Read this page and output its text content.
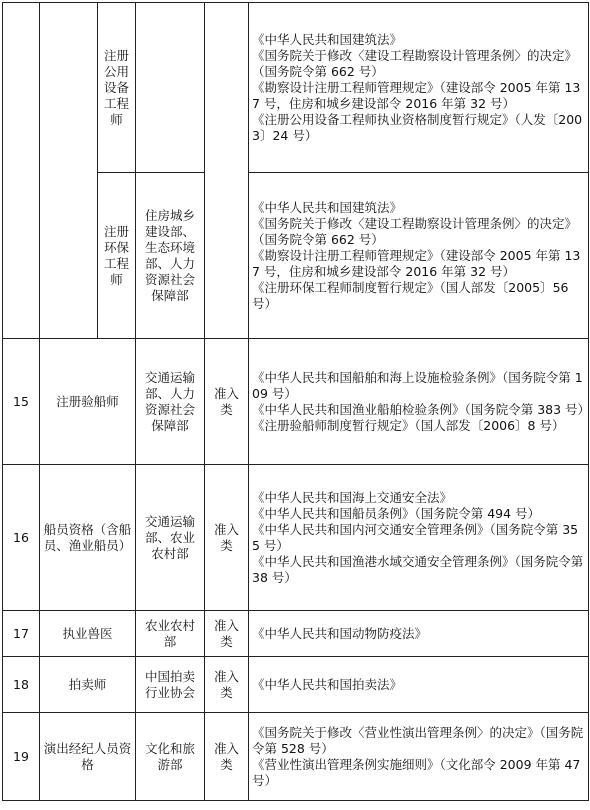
		注册公用设备工程师			《中华人民共和国建筑法》
《国务院关于修改〈建设工程勘察设计管理条例〉的决定》（国务院令第 662 号）
《勘察设计注册工程师管理规定》（建设部令 2005 年第 137 号，住房和城乡建设部令 2016 年第 32 号）
《注册公用设备工程师执业资格制度暂行规定》（人发〔2003〕24 号）

		注册环保工程师	住房城乡建设部、生态环境部、人力资源社会保障部		《中华人民共和国建筑法》
《国务院关于修改〈建设工程勘察设计管理条例〉的决定》（国务院令第 662 号）
《勘察设计注册工程师管理规定》（建设部令 2005 年第 137 号，住房和城乡建设部令 2016 年第 32 号）
《注册环保工程师制度暂行规定》（国人部发〔2005〕56 号）

15	注册验船师		交通运输部、人力资源社会保障部	准入类	《中华人民共和国船舶和海上设施检验条例》（国务院令第 109 号）
《中华人民共和国渔业船舶检验条例》（国务院令第 383 号）
《注册验船师制度暂行规定》（国人部发〔2006〕8 号）

16	船员资格（含船员、渔业船员）		交通运输部、农业农村部	准入类	《中华人民共和国海上交通安全法》
《中华人民共和国船员条例》（国务院令第 494 号）
《中华人民共和国内河交通安全管理条例》（国务院令第 355 号）
《中华人民共和国渔港水域交通安全管理条例》（国务院令第 38 号）

17	执业兽医		农业农村部	准入类	《中华人民共和国动物防疫法》

18	拍卖师		中国拍卖行业协会	准入类	《中华人民共和国拍卖法》

19	演出经纪人员资格		文化和旅游部	准入类	《国务院关于修改〈营业性演出管理条例〉的决定》（国务院令第 528 号）
《营业性演出管理条例实施细则》（文化部令 2009 年第 47 号）
